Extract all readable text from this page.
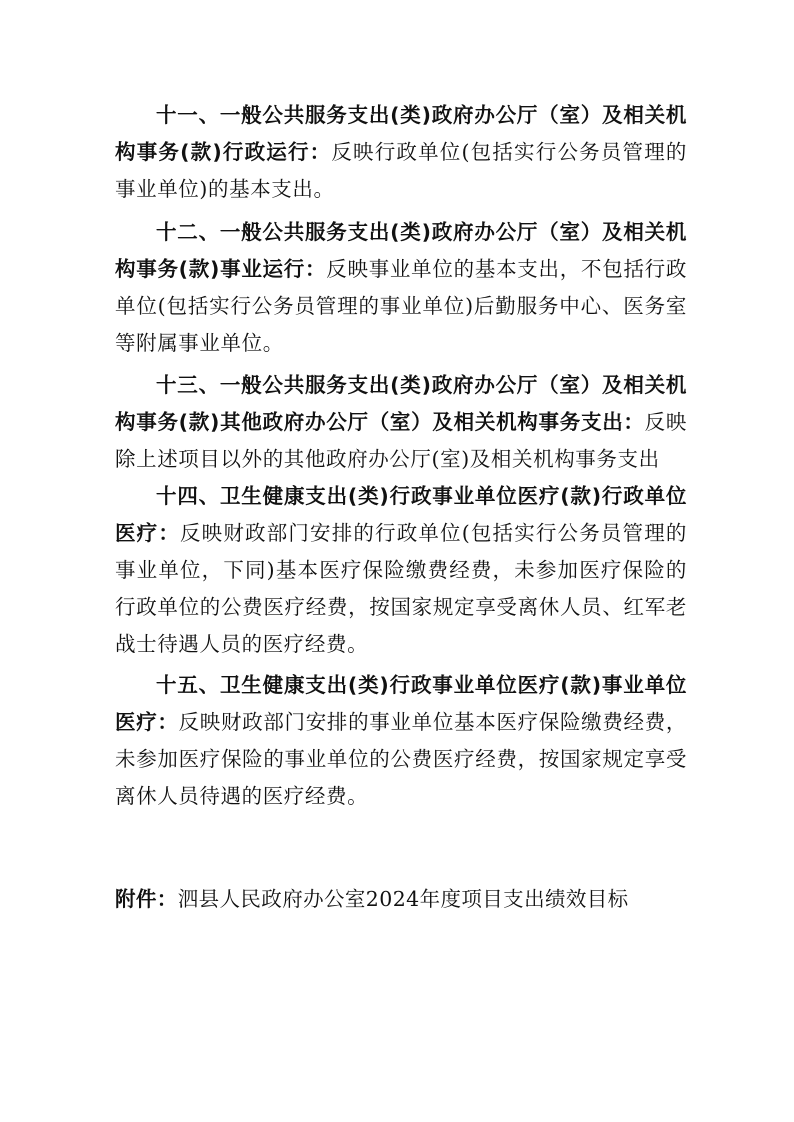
十一、一般公共服务支出(类)政府办公厅（室）及相关机构事务(款)行政运行：反映行政单位(包括实行公务员管理的事业单位)的基本支出。

十二、一般公共服务支出(类)政府办公厅（室）及相关机构事务(款)事业运行：反映事业单位的基本支出，不包括行政单位(包括实行公务员管理的事业单位)后勤服务中心、医务室等附属事业单位。

十三、一般公共服务支出(类)政府办公厅（室）及相关机构事务(款)其他政府办公厅（室）及相关机构事务支出：反映除上述项目以外的其他政府办公厅(室)及相关机构事务支出

十四、卫生健康支出(类)行政事业单位医疗(款)行政单位医疗：反映财政部门安排的行政单位(包括实行公务员管理的事业单位，下同)基本医疗保险缴费经费，未参加医疗保险的行政单位的公费医疗经费，按国家规定享受离休人员、红军老战士待遇人员的医疗经费。

十五、卫生健康支出(类)行政事业单位医疗(款)事业单位医疗：反映财政部门安排的事业单位基本医疗保险缴费经费，未参加医疗保险的事业单位的公费医疗经费，按国家规定享受离休人员待遇的医疗经费。

附件：泗县人民政府办公室2024年度项目支出绩效目标
